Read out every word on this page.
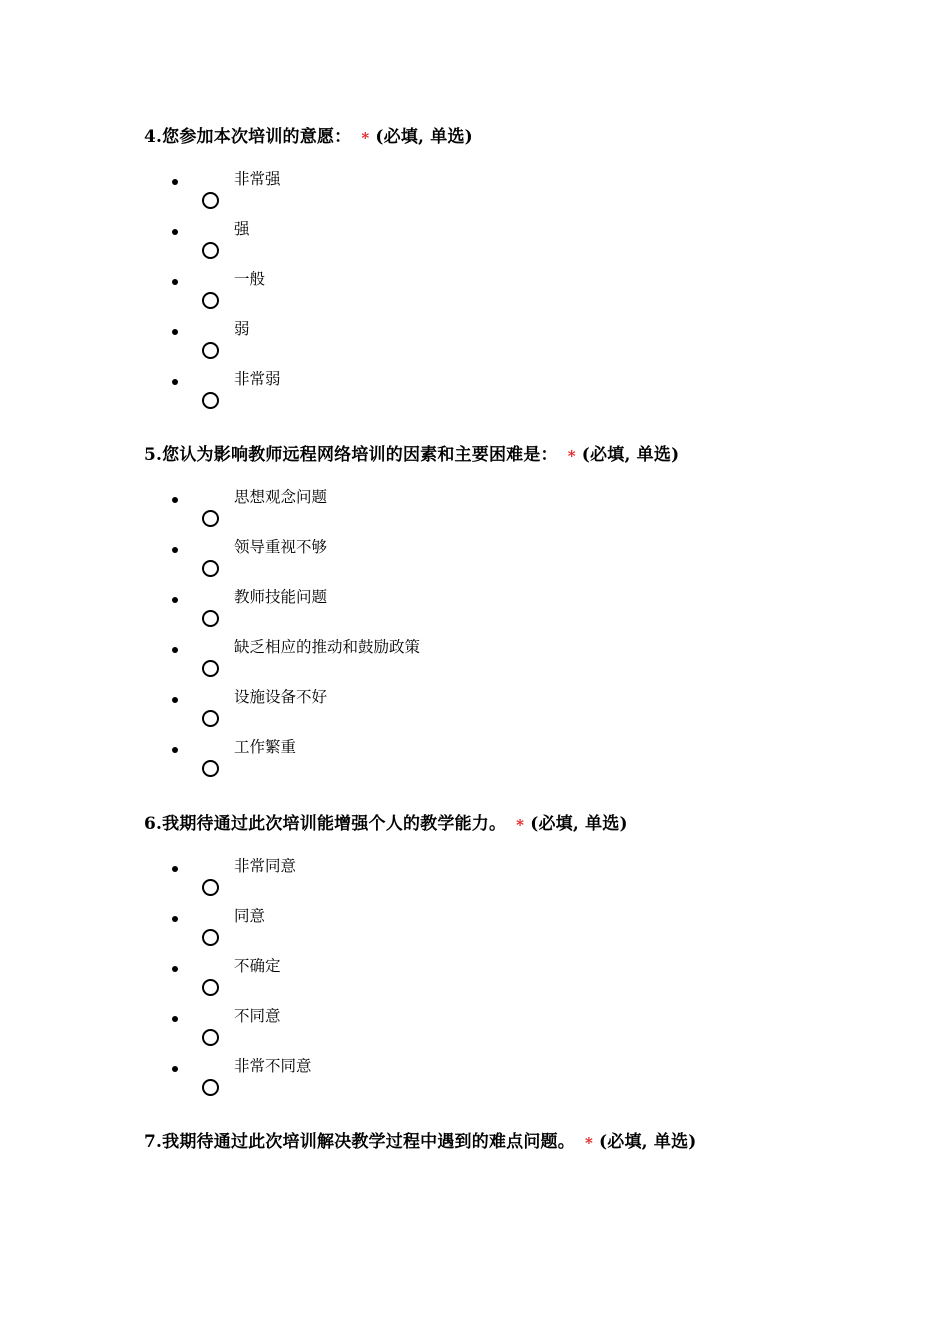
4.您参加本次培训的意愿： * (必填, 单选)
非常强
强
一般
弱
非常弱
5.您认为影响教师远程网络培训的因素和主要困难是： * (必填, 单选)
思想观念问题
领导重视不够
教师技能问题
缺乏相应的推动和鼓励政策
设施设备不好
工作繁重
6.我期待通过此次培训能增强个人的教学能力。 * (必填, 单选)
非常同意
同意
不确定
不同意
非常不同意
7.我期待通过此次培训解决教学过程中遇到的难点问题。 * (必填, 单选)
